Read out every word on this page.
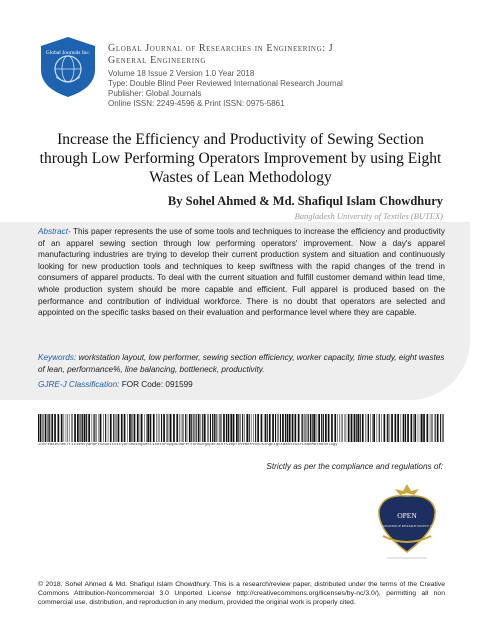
Global Journals Inc.	Global Journal of Researches in Engineering: J
General Engineering
Volume 18 Issue 2 Version 1.0 Year 2018
Type: Double Blind Peer Reviewed International Research Journal
Publisher: Global Journals
Online ISSN: 2249-4596 & Print ISSN: 0975-5861
Increase the Efficiency and Productivity of Sewing Section through Low Performing Operators Improvement by using Eight Wastes of Lean Methodology
By Sohel Ahmed & Md. Shafiqul Islam Chowdhury
Bangladesh University of Textiles (BUTEX)
Abstract- This paper represents the use of some tools and techniques to increase the efficiency and productivity of an apparel sewing section through low performing operators' improvement. Now a day's apparel manufacturing industries are trying to develop their current production system and situation and continuously looking for new production tools and techniques to keep swiftness with the rapid changes of the trend in consumers of apparel products. To deal with the current situation and fulfill customer demand within lead time, whole production system should be more capable and efficient. Full apparel is produced based on the performance and contribution of individual workforce. There is no doubt that operators are selected and appointed on the specific tasks based on their evaluation and performance level where they are capable.
Keywords: workstation layout, low performer, sewing section efficiency, worker capacity, time study, eight wastes of lean, performance%, line balancing, bottleneck, productivity.
GJRE-J Classification: FOR Code: 091599
IncreasetheEfficiencyandProductivityofSewingSectionthroughLowPerformingOperatorsImprovementbyusingEightWastesofLeanMethodology
Strictly as per the compliance and regulations of:
OPEN
ASSOCIATION OF RESEARCH SOCIETY, USA
© 2018. Sohel Ahmed & Md. Shafiqul Islam Chowdhury. This is a research/review paper, distributed under the terms of the Creative Commons Attribution-Noncommercial 3.0 Unported License http://creativecommons.org/licenses/by-nc/3.0/), permitting all non commercial use, distribution, and reproduction in any medium, provided the original work is properly cited.
